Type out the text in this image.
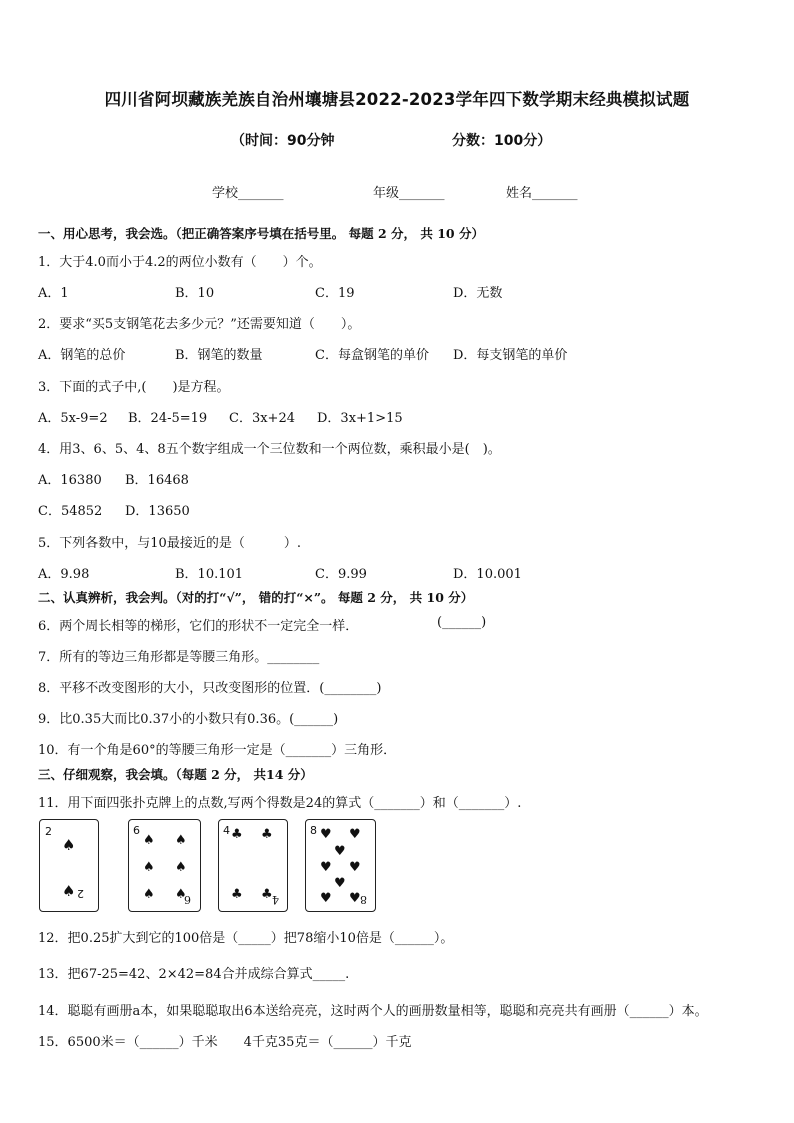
四川省阿坝藏族羌族自治州壤塘县2022-2023学年四下数学期末经典模拟试题
（时间：90分钟	分数：100分）
学校_______	年级_______	姓名_______
一、用心思考，我会选。（把正确答案序号填在括号里。 每题 2 分， 共 10 分）
1．大于4.0而小于4.2的两位小数有（　　）个。
A．1	B．10	C．19	D．无数
2．要求“买5支钢笔花去多少元？”还需要知道（　　）。
A．钢笔的总价	B．钢笔的数量	C．每盒钢笔的单价 D．每支钢笔的单价
3．下面的式子中,(　　)是方程。
A．5x-9=2 B．24-5=19 C．3x+24 D．3x+1>15
4．用3、6、5、4、8五个数字组成一个三位数和一个两位数，乘积最小是(　)。
A．16380 B．16468
C．54852 D．13650
5．下列各数中，与10最接近的是（　　　）.
A．9.98	B．10.101	C．9.99	D．10.001
二、认真辨析，我会判。（对的打“√”， 错的打“×”。 每题 2 分， 共 10 分）
6．两个周长相等的梯形，它们的形状不一定完全一样．	(______)
7．所有的等边三角形都是等腰三角形。________
8．平移不改变图形的大小，只改变图形的位置．(________)
9．比0.35大而比0.37小的小数只有0.36。(______)
10．有一个角是60°的等腰三角形一定是（_______）三角形．
三、仔细观察，我会填。（每题 2 分， 共14 分）
11．用下面四张扑克牌上的点数,写两个得数是24的算式（_______）和（_______）.
2
♠
♠ 2
6
♠ ♠
♠ ♠
♠ ♠
6
4 ♣ ♣
♣ ♣ 4
8 ♥ ♥
♥
♥ ♥
♥
♥ ♥ 8
12．把0.25扩大到它的100倍是（_____）把78缩小10倍是（______）。
13．把67-25=42、2×42=84合并成综合算式_____.
14．聪聪有画册a本，如果聪聪取出6本送给亮亮，这时两个人的画册数量相等，聪聪和亮亮共有画册（______）本。
15．6500米＝（______）千米　　4千克35克＝（______）千克
